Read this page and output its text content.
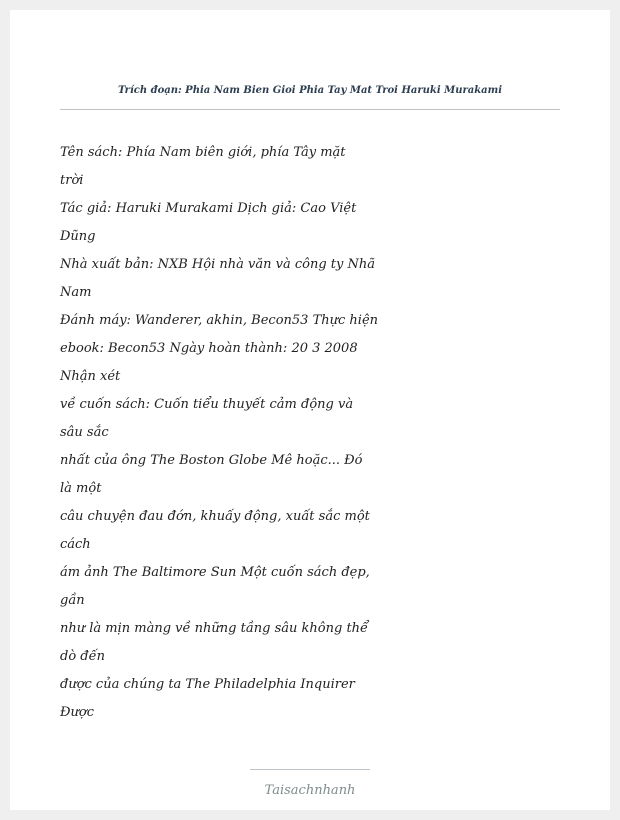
Trích đoạn: Phia Nam Bien Gioi Phia Tay Mat Troi Haruki Murakami
Tên sách: Phía Nam biên giới, phía Tây mặt
trời
Tác giả: Haruki Murakami Dịch giả: Cao Việt
Dũng
Nhà xuất bản: NXB Hội nhà văn và công ty Nhã
Nam
Đánh máy: Wanderer, akhin, Becon53 Thực hiện
ebook: Becon53 Ngày hoàn thành: 20 3 2008
Nhận xét
về cuốn sách: Cuốn tiểu thuyết cảm động và
sâu sắc
nhất của ông The Boston Globe Mê hoặc... Đó
là một
câu chuyện đau đớn, khuấy động, xuất sắc một
cách
ám ảnh The Baltimore Sun Một cuốn sách đẹp,
gần
như là mịn màng về những tầng sâu không thể
dò đến
được của chúng ta The Philadelphia Inquirer
Được
Taisachnhanh
